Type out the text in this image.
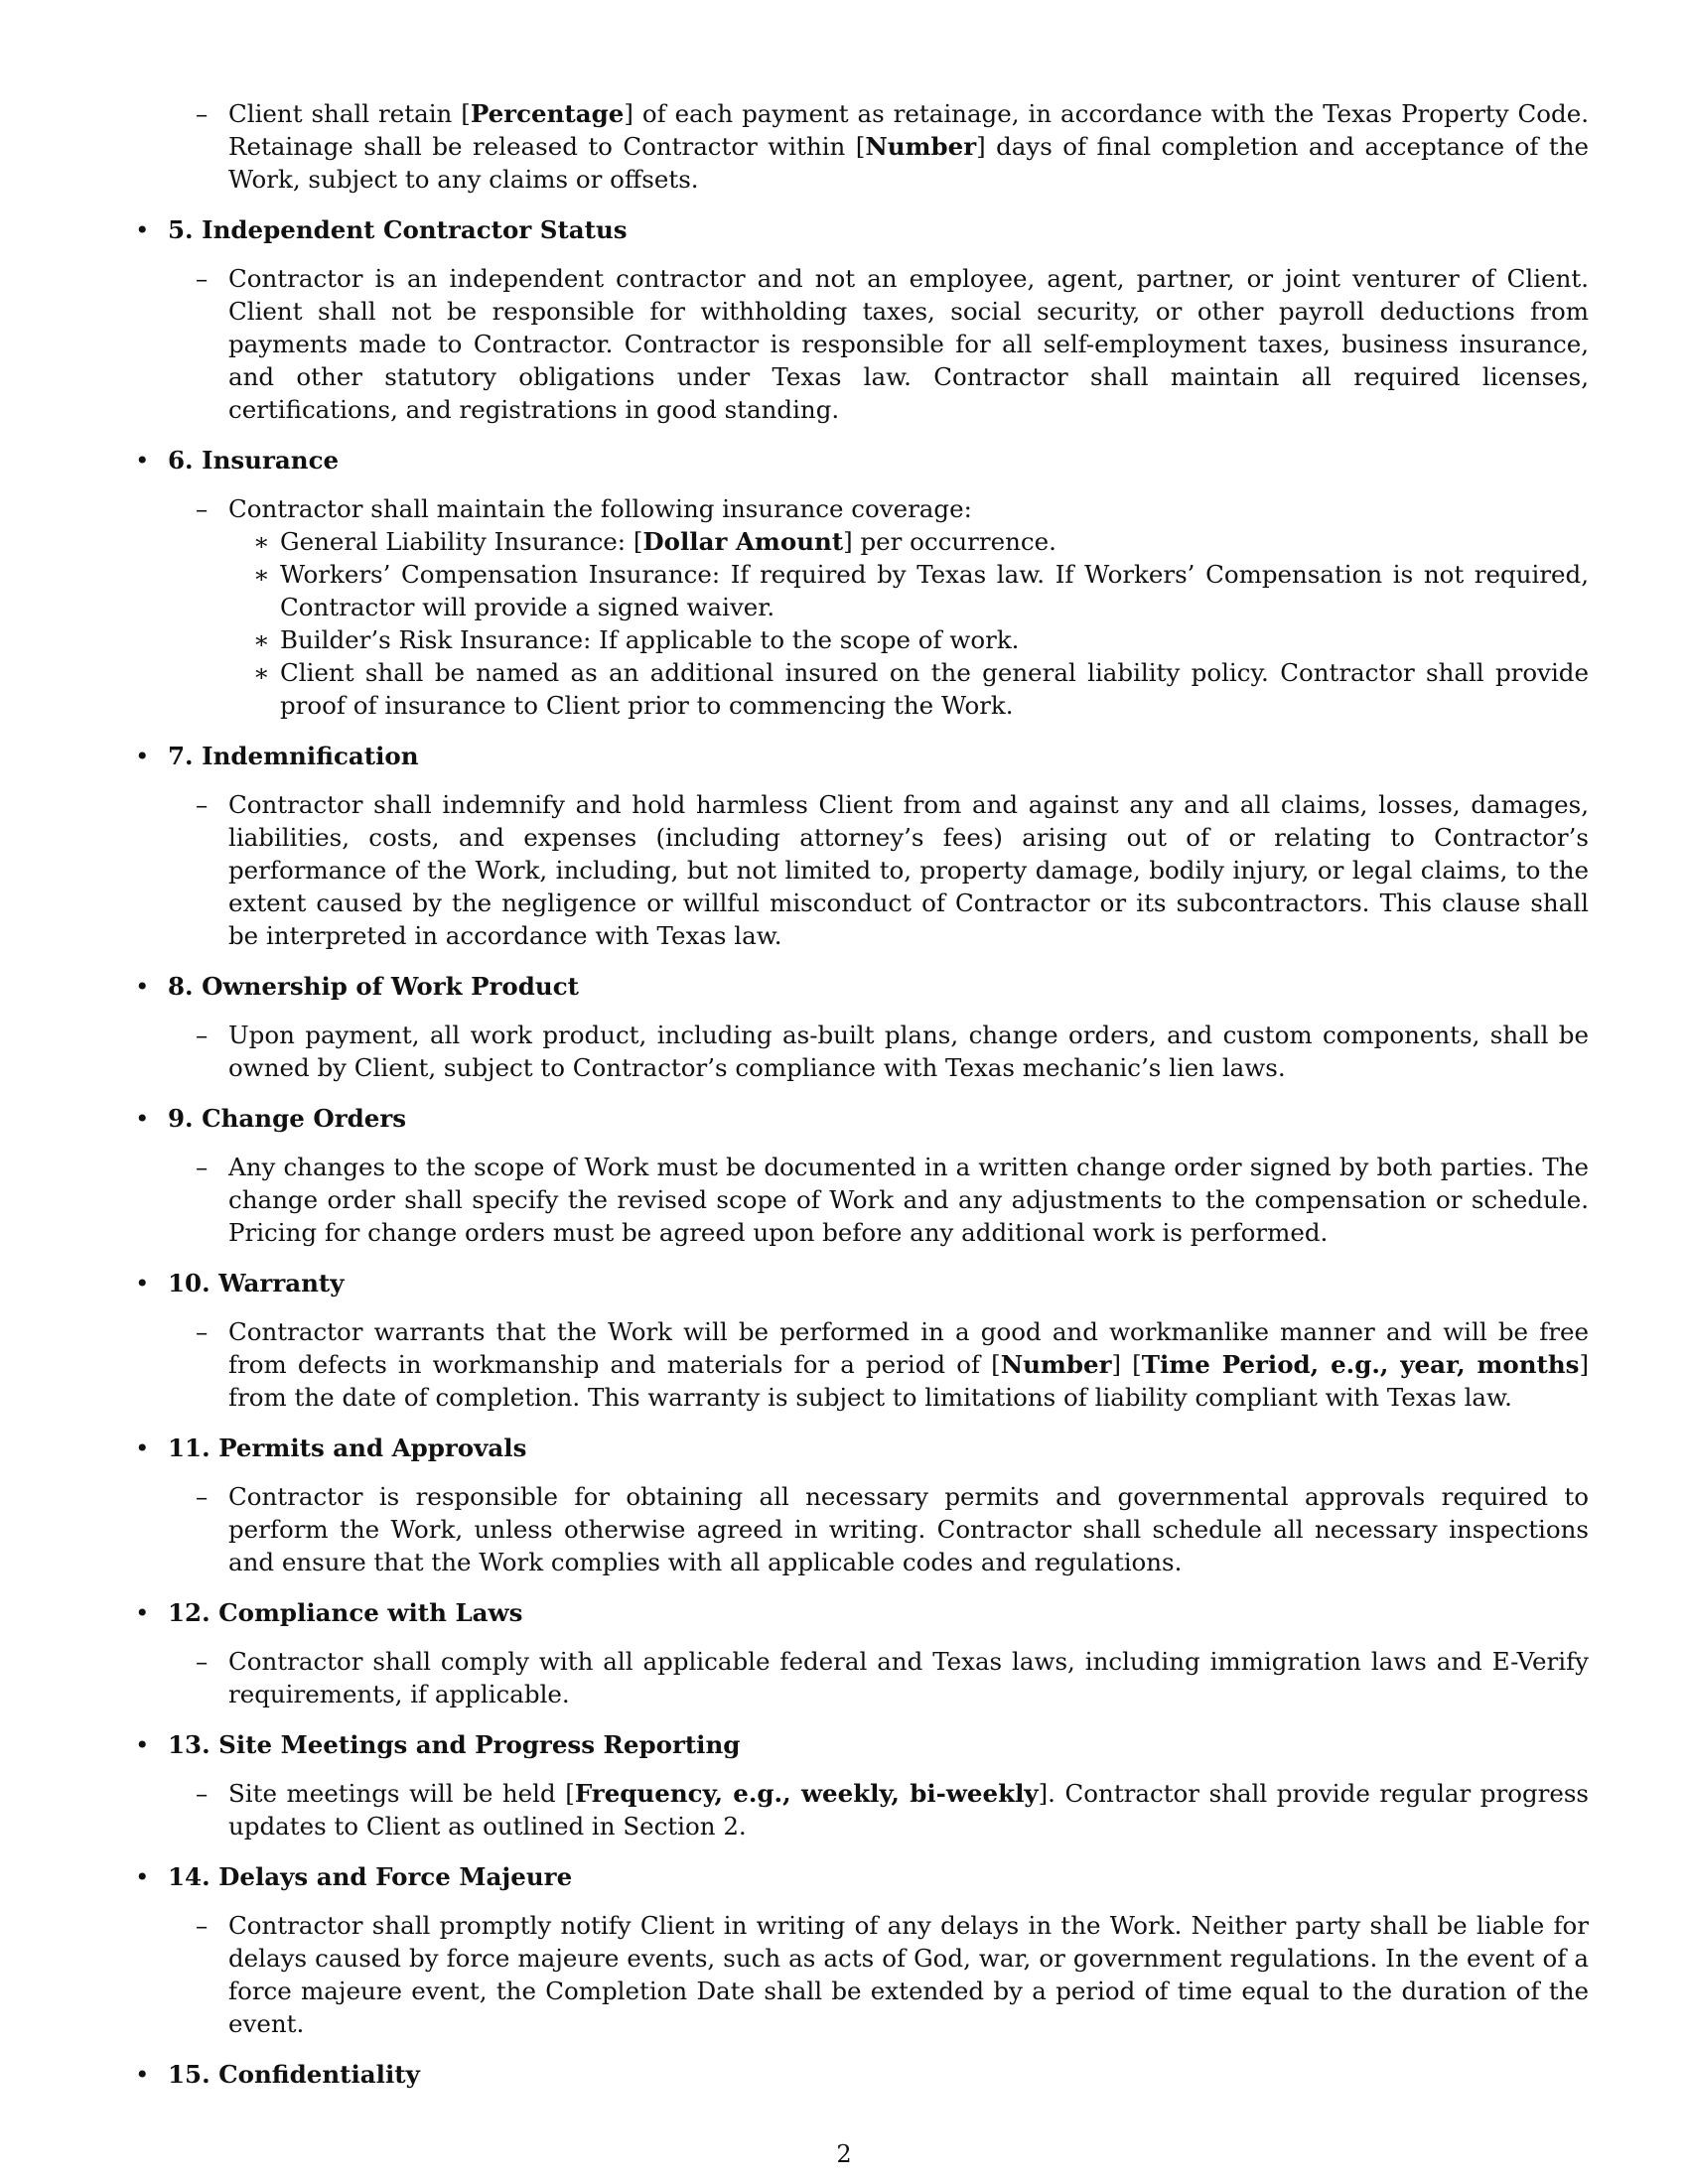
– Client shall retain [Percentage] of each payment as retainage, in accordance with the Texas Property Code. Retainage shall be released to Contractor within [Number] days of final completion and acceptance of the Work, subject to any claims or offsets.
• 5. Independent Contractor Status
– Contractor is an independent contractor and not an employee, agent, partner, or joint venturer of Client. Client shall not be responsible for withholding taxes, social security, or other payroll deductions from payments made to Contractor. Contractor is responsible for all self-employment taxes, business insurance, and other statutory obligations under Texas law. Contractor shall maintain all required licenses, certifications, and registrations in good standing.
• 6. Insurance
– Contractor shall maintain the following insurance coverage:
∗ General Liability Insurance: [Dollar Amount] per occurrence.
∗ Workers’ Compensation Insurance: If required by Texas law. If Workers’ Compensation is not required, Contractor will provide a signed waiver.
∗ Builder’s Risk Insurance: If applicable to the scope of work.
∗ Client shall be named as an additional insured on the general liability policy. Contractor shall provide proof of insurance to Client prior to commencing the Work.
• 7. Indemnification
– Contractor shall indemnify and hold harmless Client from and against any and all claims, losses, damages, liabilities, costs, and expenses (including attorney’s fees) arising out of or relating to Contractor’s performance of the Work, including, but not limited to, property damage, bodily injury, or legal claims, to the extent caused by the negligence or willful misconduct of Contractor or its subcontractors. This clause shall be interpreted in accordance with Texas law.
• 8. Ownership of Work Product
– Upon payment, all work product, including as-built plans, change orders, and custom components, shall be owned by Client, subject to Contractor’s compliance with Texas mechanic’s lien laws.
• 9. Change Orders
– Any changes to the scope of Work must be documented in a written change order signed by both parties. The change order shall specify the revised scope of Work and any adjustments to the compensation or schedule. Pricing for change orders must be agreed upon before any additional work is performed.
• 10. Warranty
– Contractor warrants that the Work will be performed in a good and workmanlike manner and will be free from defects in workmanship and materials for a period of [Number] [Time Period, e.g., year, months] from the date of completion. This warranty is subject to limitations of liability compliant with Texas law.
• 11. Permits and Approvals
– Contractor is responsible for obtaining all necessary permits and governmental approvals required to perform the Work, unless otherwise agreed in writing. Contractor shall schedule all necessary inspections and ensure that the Work complies with all applicable codes and regulations.
• 12. Compliance with Laws
– Contractor shall comply with all applicable federal and Texas laws, including immigration laws and E-Verify requirements, if applicable.
• 13. Site Meetings and Progress Reporting
– Site meetings will be held [Frequency, e.g., weekly, bi-weekly]. Contractor shall provide regular progress updates to Client as outlined in Section 2.
• 14. Delays and Force Majeure
– Contractor shall promptly notify Client in writing of any delays in the Work. Neither party shall be liable for delays caused by force majeure events, such as acts of God, war, or government regulations. In the event of a force majeure event, the Completion Date shall be extended by a period of time equal to the duration of the event.
• 15. Confidentiality
2
